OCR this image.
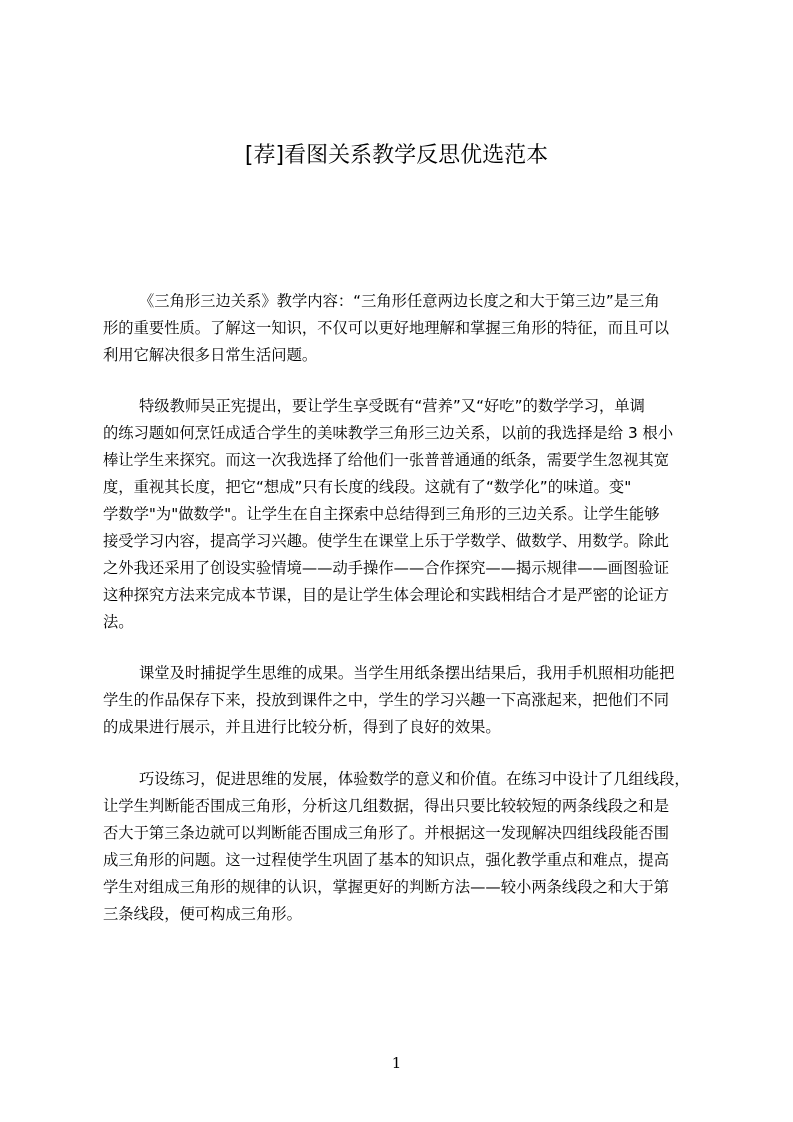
[荐]看图关系教学反思优选范本
《三角形三边关系》教学内容：“三角形任意两边长度之和大于第三边”是三角
形的重要性质。了解这一知识，不仅可以更好地理解和掌握三角形的特征，而且可以
利用它解决很多日常生活问题。
特级教师吴正宪提出，要让学生享受既有“营养”又“好吃”的数学学习，单调
的练习题如何烹饪成适合学生的美味教学三角形三边关系，以前的我选择是给 3 根小
棒让学生来探究。而这一次我选择了给他们一张普普通通的纸条，需要学生忽视其宽
度，重视其长度，把它“想成”只有长度的线段。这就有了“数学化”的味道。变"
学数学"为"做数学"。让学生在自主探索中总结得到三角形的三边关系。让学生能够
接受学习内容，提高学习兴趣。使学生在课堂上乐于学数学、做数学、用数学。除此
之外我还采用了创设实验情境——动手操作——合作探究——揭示规律——画图验证
这种探究方法来完成本节课，目的是让学生体会理论和实践相结合才是严密的论证方
法。
课堂及时捕捉学生思维的成果。当学生用纸条摆出结果后，我用手机照相功能把
学生的作品保存下来，投放到课件之中，学生的学习兴趣一下高涨起来，把他们不同
的成果进行展示，并且进行比较分析，得到了良好的效果。
巧设练习，促进思维的发展，体验数学的意义和价值。在练习中设计了几组线段，
让学生判断能否围成三角形，分析这几组数据，得出只要比较较短的两条线段之和是
否大于第三条边就可以判断能否围成三角形了。并根据这一发现解决四组线段能否围
成三角形的问题。这一过程使学生巩固了基本的知识点，强化教学重点和难点，提高
学生对组成三角形的规律的认识，掌握更好的判断方法——较小两条线段之和大于第
三条线段，便可构成三角形。
1
